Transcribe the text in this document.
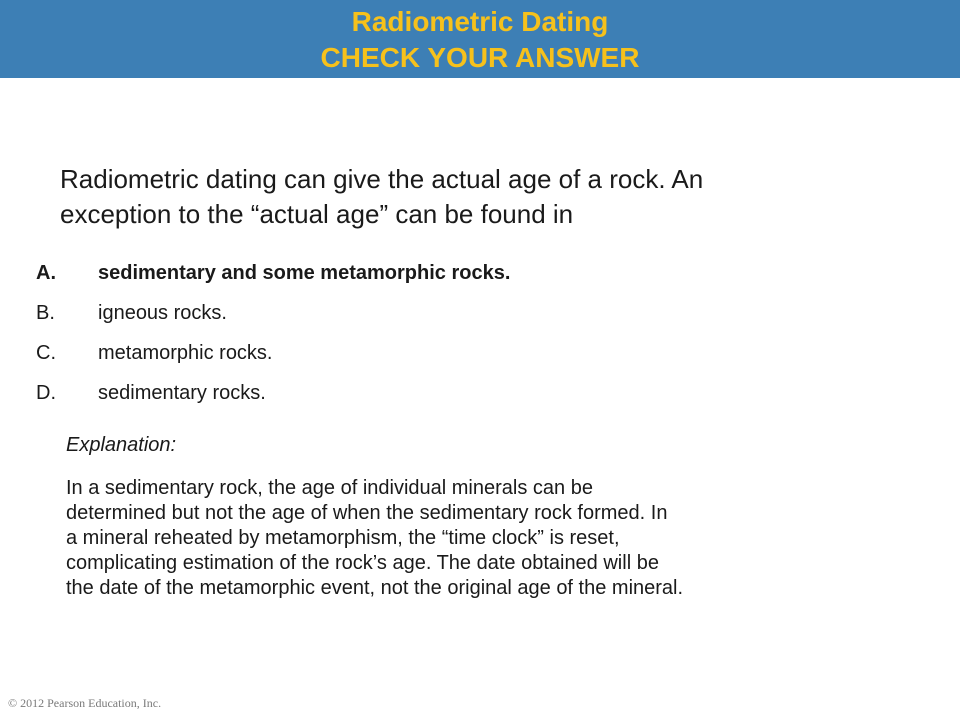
Radiometric Dating
CHECK YOUR ANSWER
Radiometric dating can give the actual age of a rock. An
exception to the “actual age” can be found in
A. sedimentary and some metamorphic rocks.
B. igneous rocks.
C. metamorphic rocks.
D. sedimentary rocks.
Explanation:
In a sedimentary rock, the age of individual minerals can be
determined but not the age of when the sedimentary rock formed. In
a mineral reheated by metamorphism, the “time clock” is reset,
complicating estimation of the rock’s age. The date obtained will be
the date of the metamorphic event, not the original age of the mineral.
© 2012 Pearson Education, Inc.
